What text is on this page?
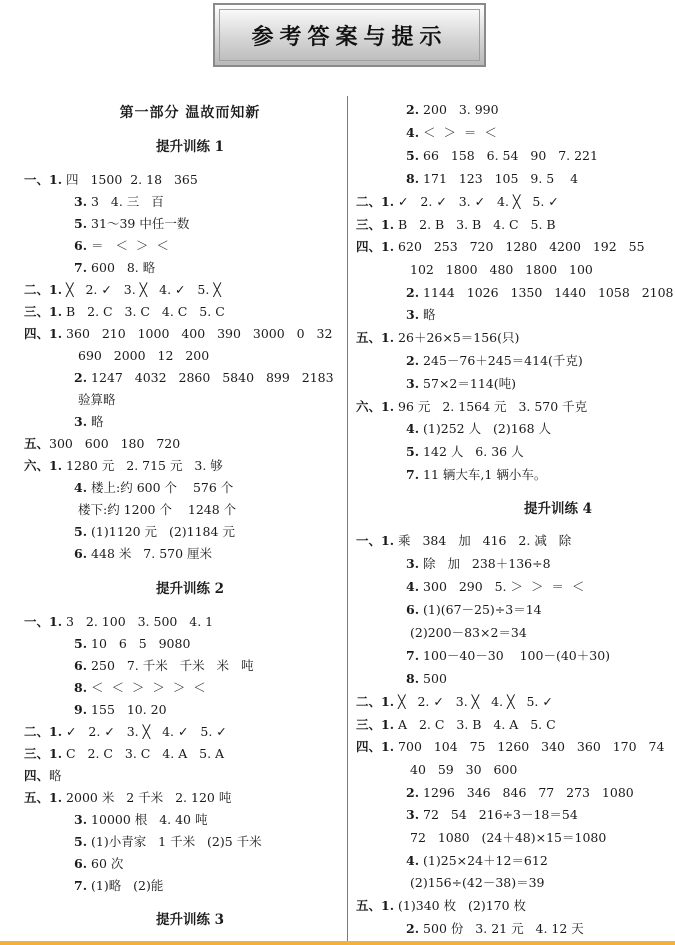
参考答案与提示
第一部分 温故而知新
提升训练 1
提升训练 2
提升训练 3
一、1. 四   1500  2. 18   365
3. 3   4. 三   百
5. 31～39 中任一数
6. ＝   ＜  ＞  ＜
7. 600   8. 略
二、1. ╳   2. ✓   3. ╳   4. ✓   5. ╳
三、1. B   2. C   3. C   4. C   5. C
四、1. 360   210   1000   400   390   3000   0   32
690   2000   12   200
2. 1247   4032   2860   5840   899   2183
验算略
3. 略
五、300   600   180   720
六、1. 1280 元   2. 715 元   3. 够
4. 楼上:约 600 个    576 个
楼下:约 1200 个    1248 个
5. (1)1120 元   (2)1184 元
6. 448 米   7. 570 厘米
一、1. 3   2. 100   3. 500   4. 1
5. 10   6   5   9080
6. 250   7. 千米   千米   米   吨
8. ＜  ＜  ＞  ＞  ＞  ＜
9. 155   10. 20
二、1. ✓   2. ✓   3. ╳   4. ✓   5. ✓
三、1. C   2. C   3. C   4. A   5. A
四、略
五、1. 2000 米   2 千米   2. 120 吨
3. 10000 根   4. 40 吨
5. (1)小青家   1 千米   (2)5 千米
6. 60 次
7. (1)略   (2)能
提升训练 4
2. 200   3. 990
4. ＜  ＞  ＝  ＜
5. 66   158   6. 54   90   7. 221
8. 171   123   105   9. 5    4
二、1. ✓   2. ✓   3. ✓   4. ╳   5. ✓
三、1. B   2. B   3. B   4. C   5. B
四、1. 620   253   720   1280   4200   192   55
102   1800   480   1800   100
2. 1144   1026   1350   1440   1058   2108
3. 略
五、1. 26＋26×5＝156(只)
2. 245－76＋245＝414(千克)
3. 57×2＝114(吨)
六、1. 96 元   2. 1564 元   3. 570 千克
4. (1)252 人   (2)168 人
5. 142 人   6. 36 人
7. 11 辆大车,1 辆小车。
一、1. 乘   384   加   416   2. 减   除
3. 除   加   238＋136÷8
4. 300   290   5. ＞  ＞  ＝  ＜
6. (1)(67－25)÷3＝14
(2)200－83×2＝34
7. 100－40－30    100－(40＋30)
8. 500
二、1. ╳   2. ✓   3. ╳   4. ╳   5. ✓
三、1. A   2. C   3. B   4. A   5. C
四、1. 700   104   75   1260   340   360   170   74
40   59   30   600
2. 1296   346   846   77   273   1080
3. 72   54   216÷3－18＝54
72   1080   (24＋48)×15＝1080
4. (1)25×24＋12＝612
(2)156÷(42－38)＝39
五、1. (1)340 枚   (2)170 枚
2. 500 份   3. 21 元   4. 12 天
